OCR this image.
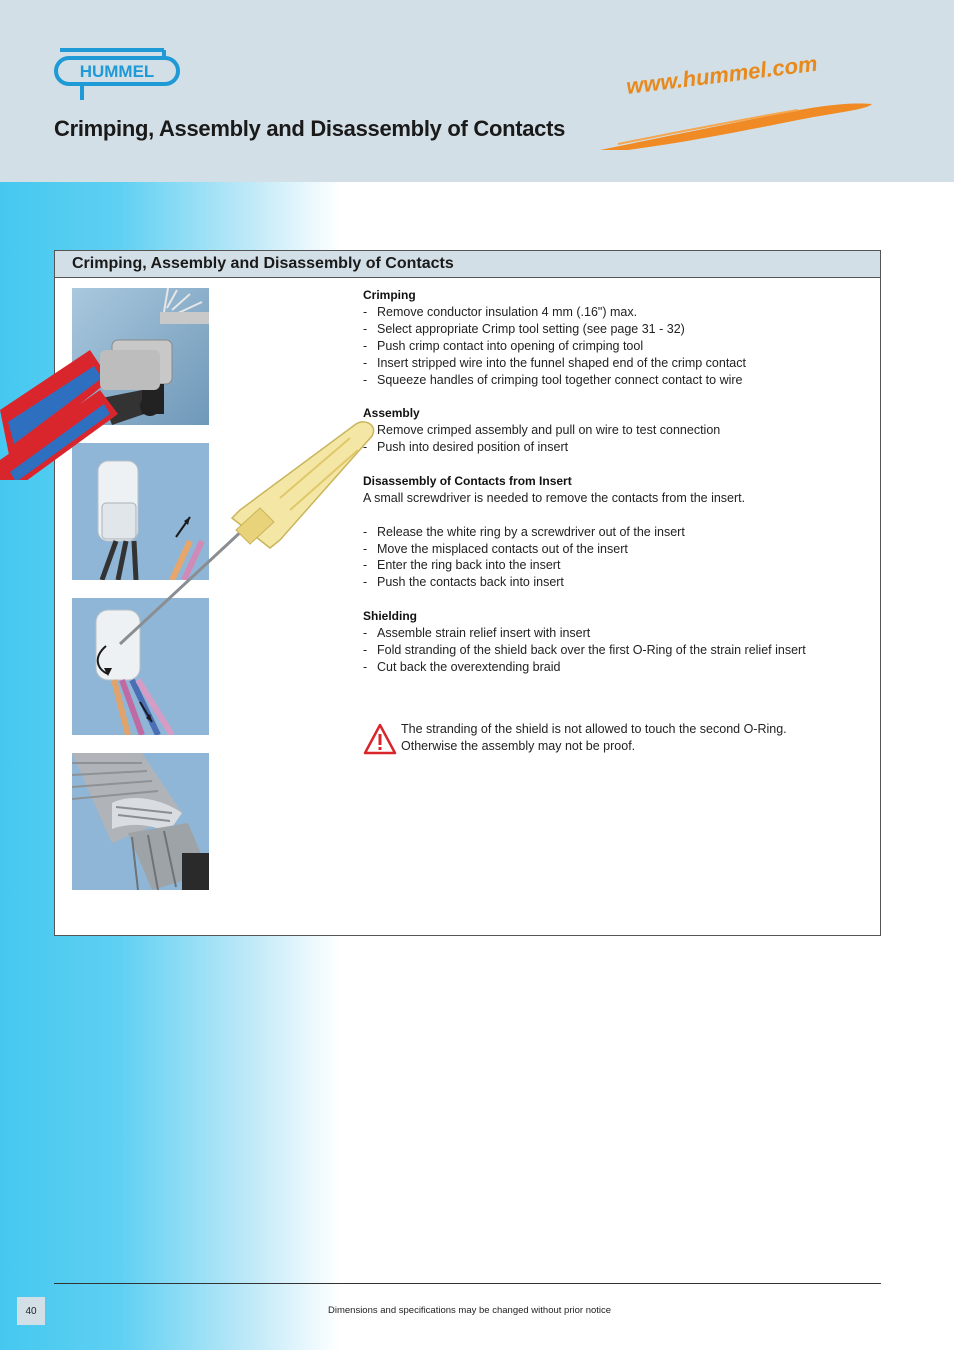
HUMMEL
Crimping, Assembly and Disassembly of Contacts
www.hummel.com
Crimping, Assembly and Disassembly of Contacts
Crimping
- Remove conductor insulation 4 mm (.16") max.
- Select appropriate Crimp tool setting (see page 31 - 32)
- Push crimp contact into opening of crimping tool
- Insert stripped wire into the funnel shaped end of the crimp contact
- Squeeze handles of crimping tool together connect contact to wire
Assembly
Remove crimped assembly and pull on wire to test connection
- Push into desired position of insert
Disassembly of Contacts from Insert
A small screwdriver is needed to remove the contacts from the insert.
- Release the white ring by a screwdriver out of the insert
- Move the misplaced contacts out of the insert
- Enter the ring back into the insert
- Push the contacts back into insert
Shielding
- Assemble strain relief insert with insert
- Fold stranding of the shield back over the first O-Ring of the strain relief insert
- Cut back the overextending braid
The stranding of the shield is not allowed to touch the second O-Ring.
Otherwise the assembly may not be proof.
40	Dimensions and specifications may be changed without prior notice
